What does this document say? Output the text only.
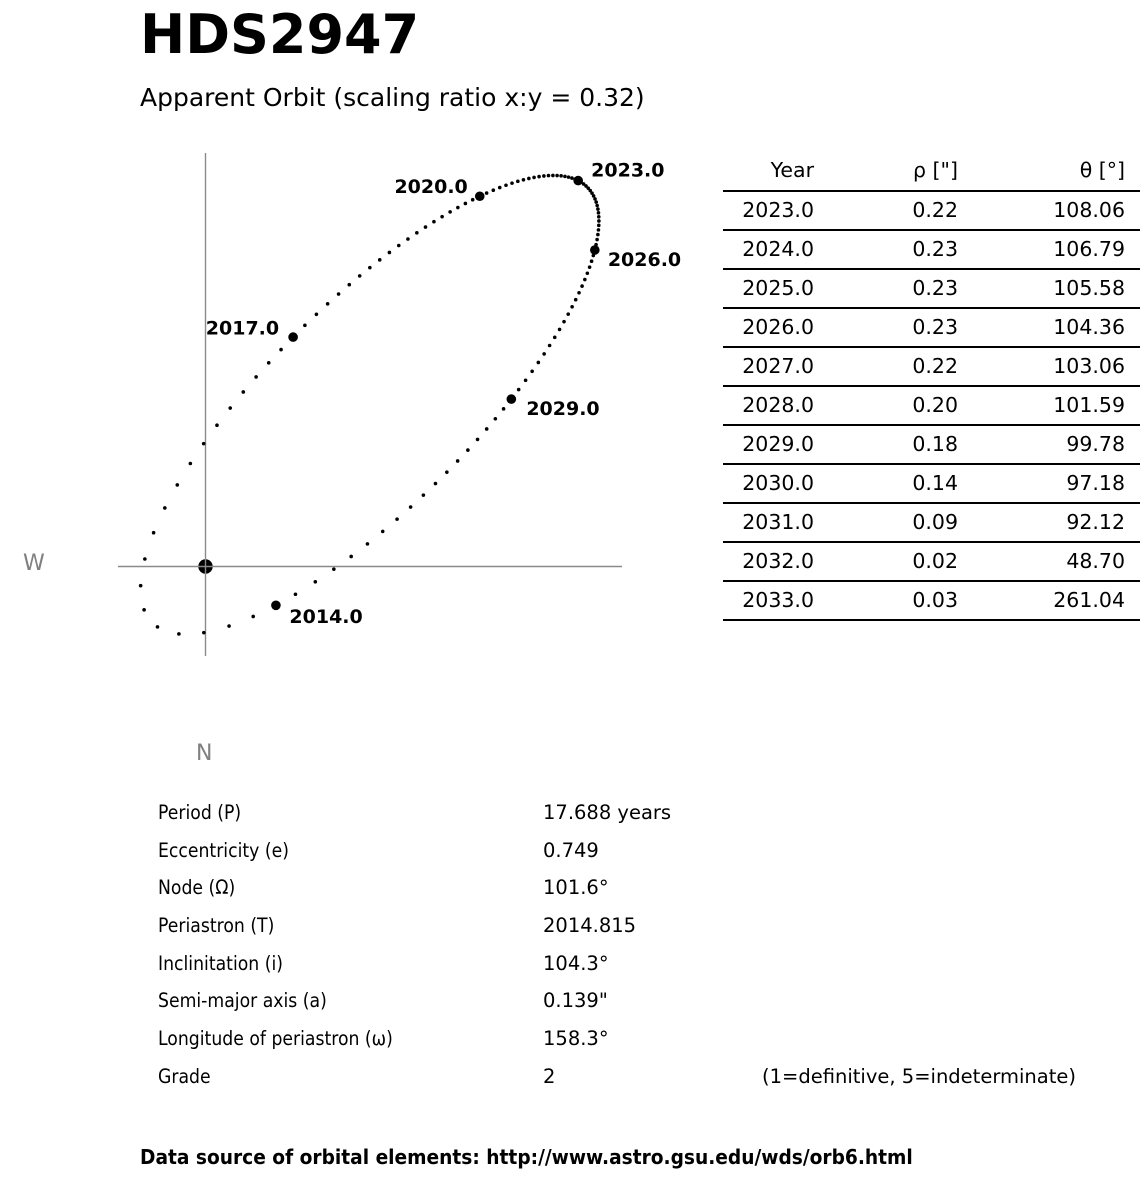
HDS2947
Apparent Orbit (scaling ratio x:y = 0.32)
W
N
2014.0
2017.0
2020.0
2023.0
2026.0
2029.0
Year	ρ ["]	θ [°]
2023.0	0.22	108.06
2024.0	0.23	106.79
2025.0	0.23	105.58
2026.0	0.23	104.36
2027.0	0.22	103.06
2028.0	0.20	101.59
2029.0	0.18	99.78
2030.0	0.14	97.18
2031.0	0.09	92.12
2032.0	0.02	48.70
2033.0	0.03	261.04
Period (P)	17.688 years
Eccentricity (e)	0.749
Node (Ω)	101.6°
Periastron (T)	2014.815
Inclinitation (i)	104.3°
Semi-major axis (a)	0.139"
Longitude of periastron (ω)	158.3°
Grade	2	(1=definitive, 5=indeterminate)
Data source of orbital elements: http://www.astro.gsu.edu/wds/orb6.html
